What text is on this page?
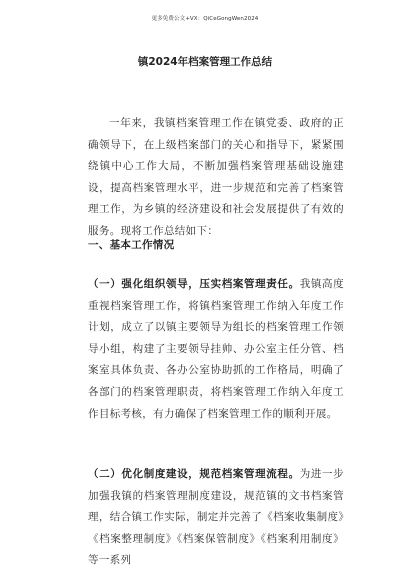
更多免费公文+VX：QiCeGongWen2024
镇2024年档案管理工作总结
一年来，我镇档案管理工作在镇党委、政府的正确领导下，在上级档案部门的关心和指导下，紧紧围绕镇中心工作大局，不断加强档案管理基础设施建设，提高档案管理水平，进一步规范和完善了档案管理工作，为乡镇的经济建设和社会发展提供了有效的服务。现将工作总结如下：
一、基本工作情况
（一）强化组织领导，压实档案管理责任。我镇高度重视档案管理工作，将镇档案管理工作纳入年度工作计划，成立了以镇主要领导为组长的档案管理工作领导小组，构建了主要领导挂帅、办公室主任分管、档案室具体负责、各办公室协助抓的工作格局，明确了各部门的档案管理职责，将档案管理工作纳入年度工作目标考核，有力确保了档案管理工作的顺利开展。
（二）优化制度建设，规范档案管理流程。为进一步加强我镇的档案管理制度建设，规范镇的文书档案管理，结合镇工作实际，制定并完善了《档案收集制度》《档案整理制度》《档案保管制度》《档案利用制度》等一系列
